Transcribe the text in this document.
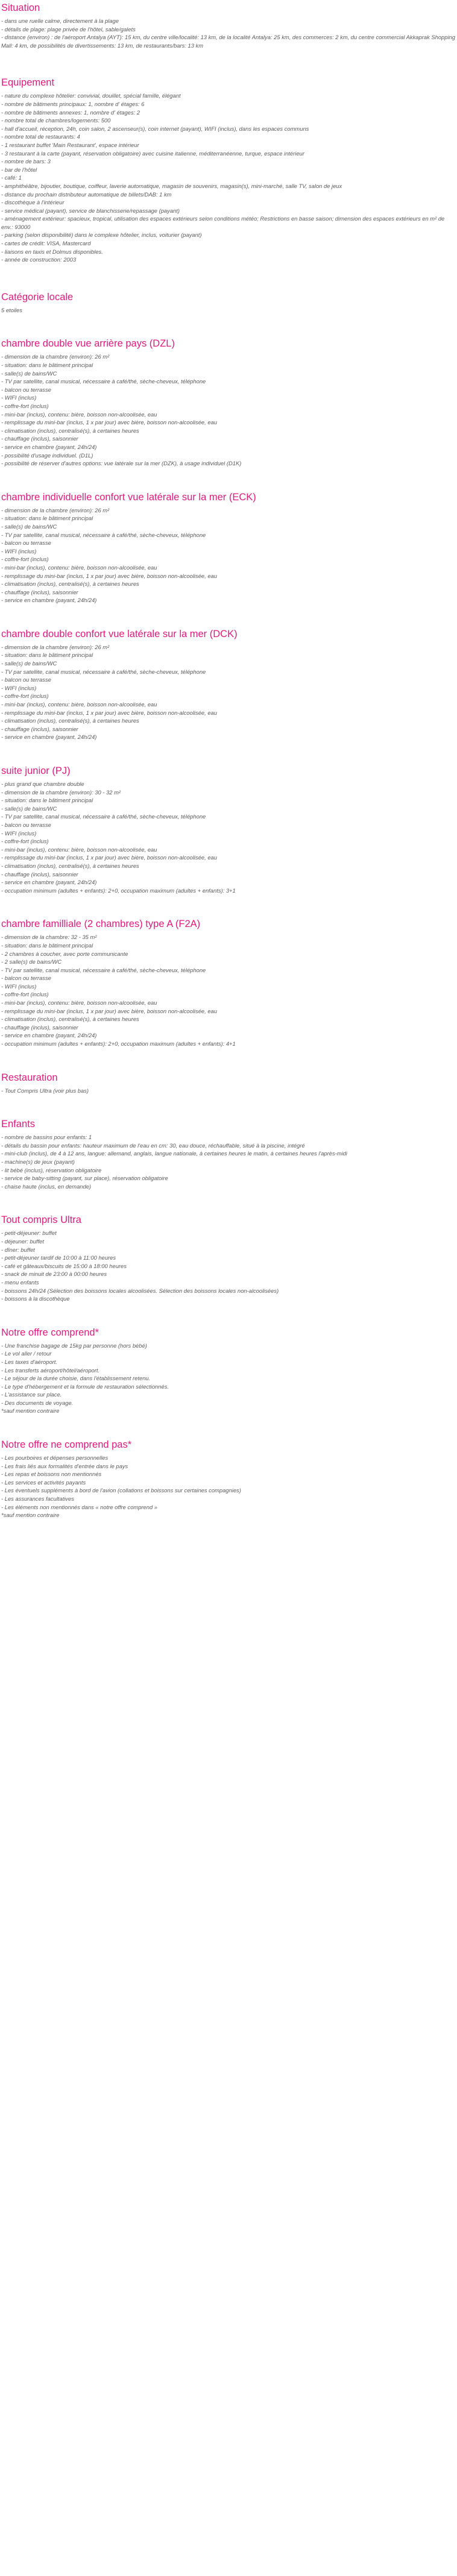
Situation
- dans une ruelle calme, directement à la plage
- détails de plage: plage privée de l'hôtel, sable/galets
- distance (environ) : de l'aéroport Antalya (AYT): 15 km, du centre ville/localité: 13 km, de la localité Antalya: 25 km, des commerces: 2 km, du centre commercial Akkaprak Shopping Mall: 4 km, de possibilités de divertissements: 13 km, de restaurants/bars: 13 km
Equipement
- nature du complexe hôtelier: convivial, douillet, spécial famille, élégant
- nombre de bâtiments principaux: 1, nombre d' étages: 6
- nombre de bâtiments annexes: 1, nombre d' étages: 2
- nombre total de chambres/logements: 500
- hall d'accueil, réception, 24h, coin salon, 2 ascenseur(s), coin internet (payant), WIFI (inclus), dans les espaces communs
- nombre total de restaurants: 4
- 1 restaurant buffet 'Main Restaurant', espace intérieur
- 3 restaurant à la carte (payant, réservation obligatoire) avec cuisine italienne, méditerranéenne, turque, espace intérieur
- nombre de bars: 3
- bar de l'hôtel
- café: 1
- amphithéâtre, bijoutier, boutique, coiffeur, laverie automatique, magasin de souvenirs, magasin(s), mini-marché, salle TV, salon de jeux
- distance du prochain distributeur automatique de billets/DAB: 1 km
- discothèque à l'intérieur
- service médical (payant), service de blanchisserie/repassage (payant)
- aménagement extérieur: spacieux, tropical, utilisation des espaces extérieurs selon conditions météo; Restrictions en basse saison; dimension des espaces extérieurs en m² de env.: 93000
- parking (selon disponibilité) dans le complexe hôtelier, inclus, voiturier (payant)
- cartes de crédit: VISA, Mastercard
- liaisons en taxis et Dolmus disponibles.
- année de construction: 2003
Catégorie locale
5 etoiles
chambre double vue arrière pays (DZL)
- dimension de la chambre (environ): 26 m²
- situation: dans le bâtiment principal
- salle(s) de bains/WC
- TV par satellite, canal musical, nécessaire à café/thé, sèche-cheveux, téléphone
- balcon ou terrasse
- WIFI (inclus)
- coffre-fort (inclus)
- mini-bar (inclus), contenu: bière, boisson non-alcoolisée, eau
- remplissage du mini-bar (inclus, 1 x par jour) avec bière, boisson non-alcoolisée, eau
- climatisation (inclus), centralisé(s), à certaines heures
- chauffage (inclus), saisonnier
- service en chambre (payant, 24h/24)
- possibilité d'usage individuel. (D1L)
- possibilité de réserver d'autres options: vue latérale sur la mer (DZK), à usage individuel (D1K)
chambre individuelle confort vue latérale sur la mer (ECK)
- dimension de la chambre (environ): 26 m²
- situation: dans le bâtiment principal
- salle(s) de bains/WC
- TV par satellite, canal musical, nécessaire à café/thé, sèche-cheveux, téléphone
- balcon ou terrasse
- WIFI (inclus)
- coffre-fort (inclus)
- mini-bar (inclus), contenu: bière, boisson non-alcoolisée, eau
- remplissage du mini-bar (inclus, 1 x par jour) avec bière, boisson non-alcoolisée, eau
- climatisation (inclus), centralisé(s), à certaines heures
- chauffage (inclus), saisonnier
- service en chambre (payant, 24h/24)
chambre double confort vue latérale sur la mer (DCK)
- dimension de la chambre (environ): 26 m²
- situation: dans le bâtiment principal
- salle(s) de bains/WC
- TV par satellite, canal musical, nécessaire à café/thé, sèche-cheveux, téléphone
- balcon ou terrasse
- WIFI (inclus)
- coffre-fort (inclus)
- mini-bar (inclus), contenu: bière, boisson non-alcoolisée, eau
- remplissage du mini-bar (inclus, 1 x par jour) avec bière, boisson non-alcoolisée, eau
- climatisation (inclus), centralisé(s), à certaines heures
- chauffage (inclus), saisonnier
- service en chambre (payant, 24h/24)
suite junior (PJ)
- plus grand que chambre double
- dimension de la chambre (environ): 30 - 32 m²
- situation: dans le bâtiment principal
- salle(s) de bains/WC
- TV par satellite, canal musical, nécessaire à café/thé, sèche-cheveux, téléphone
- balcon ou terrasse
- WIFI (inclus)
- coffre-fort (inclus)
- mini-bar (inclus), contenu: bière, boisson non-alcoolisée, eau
- remplissage du mini-bar (inclus, 1 x par jour) avec bière, boisson non-alcoolisée, eau
- climatisation (inclus), centralisé(s), à certaines heures
- chauffage (inclus), saisonnier
- service en chambre (payant, 24h/24)
- occupation minimum (adultes + enfants): 2+0, occupation maximum (adultes + enfants): 3+1
chambre familliale (2 chambres) type A (F2A)
- dimension de la chambre: 32 - 35 m²
- situation: dans le bâtiment principal
- 2 chambres à coucher, avec porte communicante
- 2 salle(s) de bains/WC
- TV par satellite, canal musical, nécessaire à café/thé, sèche-cheveux, téléphone
- balcon ou terrasse
- WIFI (inclus)
- coffre-fort (inclus)
- mini-bar (inclus), contenu: bière, boisson non-alcoolisée, eau
- remplissage du mini-bar (inclus, 1 x par jour) avec bière, boisson non-alcoolisée, eau
- climatisation (inclus), centralisé(s), à certaines heures
- chauffage (inclus), saisonnier
- service en chambre (payant, 24h/24)
- occupation minimum (adultes + enfants): 2+0, occupation maximum (adultes + enfants): 4+1
Restauration
- Tout Compris Ultra (voir plus bas)
Enfants
- nombre de bassins pour enfants: 1
- détails du bassin pour enfants: hauteur maximum de l'eau en cm: 30, eau douce, réchauffable, situé à la piscine, intégré
- mini-club (inclus), de 4 à 12 ans, langue: allemand, anglais, langue nationale, à certaines heures le matin, à certaines heures l'après-midi
- machine(s) de jeux (payant)
- lit bébé (inclus), réservation obligatoire
- service de baby-sitting (payant, sur place), réservation obligatoire
- chaise haute (inclus, en demande)
Tout compris Ultra
- petit-déjeuner: buffet
- déjeuner: buffet
- dîner: buffet
- petit-déjeuner tardif de 10:00 à 11:00 heures
- café et gâteaux/biscuits de 15:00 à 18:00 heures
- snack de minuit de 23:00 à 00:00 heures
- menu enfants
- boissons 24h/24 (Sélection des boissons locales alcoolisées. Sélection des boissons locales non-alcoolisées)
- boissons à la discothèque
Notre offre comprend*
- Une franchise bagage de 15kg par personne (hors bébé)
- Le vol aller / retour
- Les taxes d'aéroport.
- Les transferts aéroport/hôtel/aéroport.
- Le séjour de la durée choisie, dans l'établissement retenu.
- Le type d'hébergement et la formule de restauration sélectionnés.
- L'assistance sur place.
- Des documents de voyage.
*sauf mention contraire
Notre offre ne comprend pas*
- Les pourboires et dépenses personnelles
- Les frais liés aux formalités d'entrée dans le pays
- Les repas et boissons non mentionnés
- Les services et activités payants
- Les éventuels suppléments à bord de l'avion (collations et boissons sur certaines compagnies)
- Les assurances facultatives
- Les éléments non mentionnés dans « notre offre comprend »
*sauf mention contraire
